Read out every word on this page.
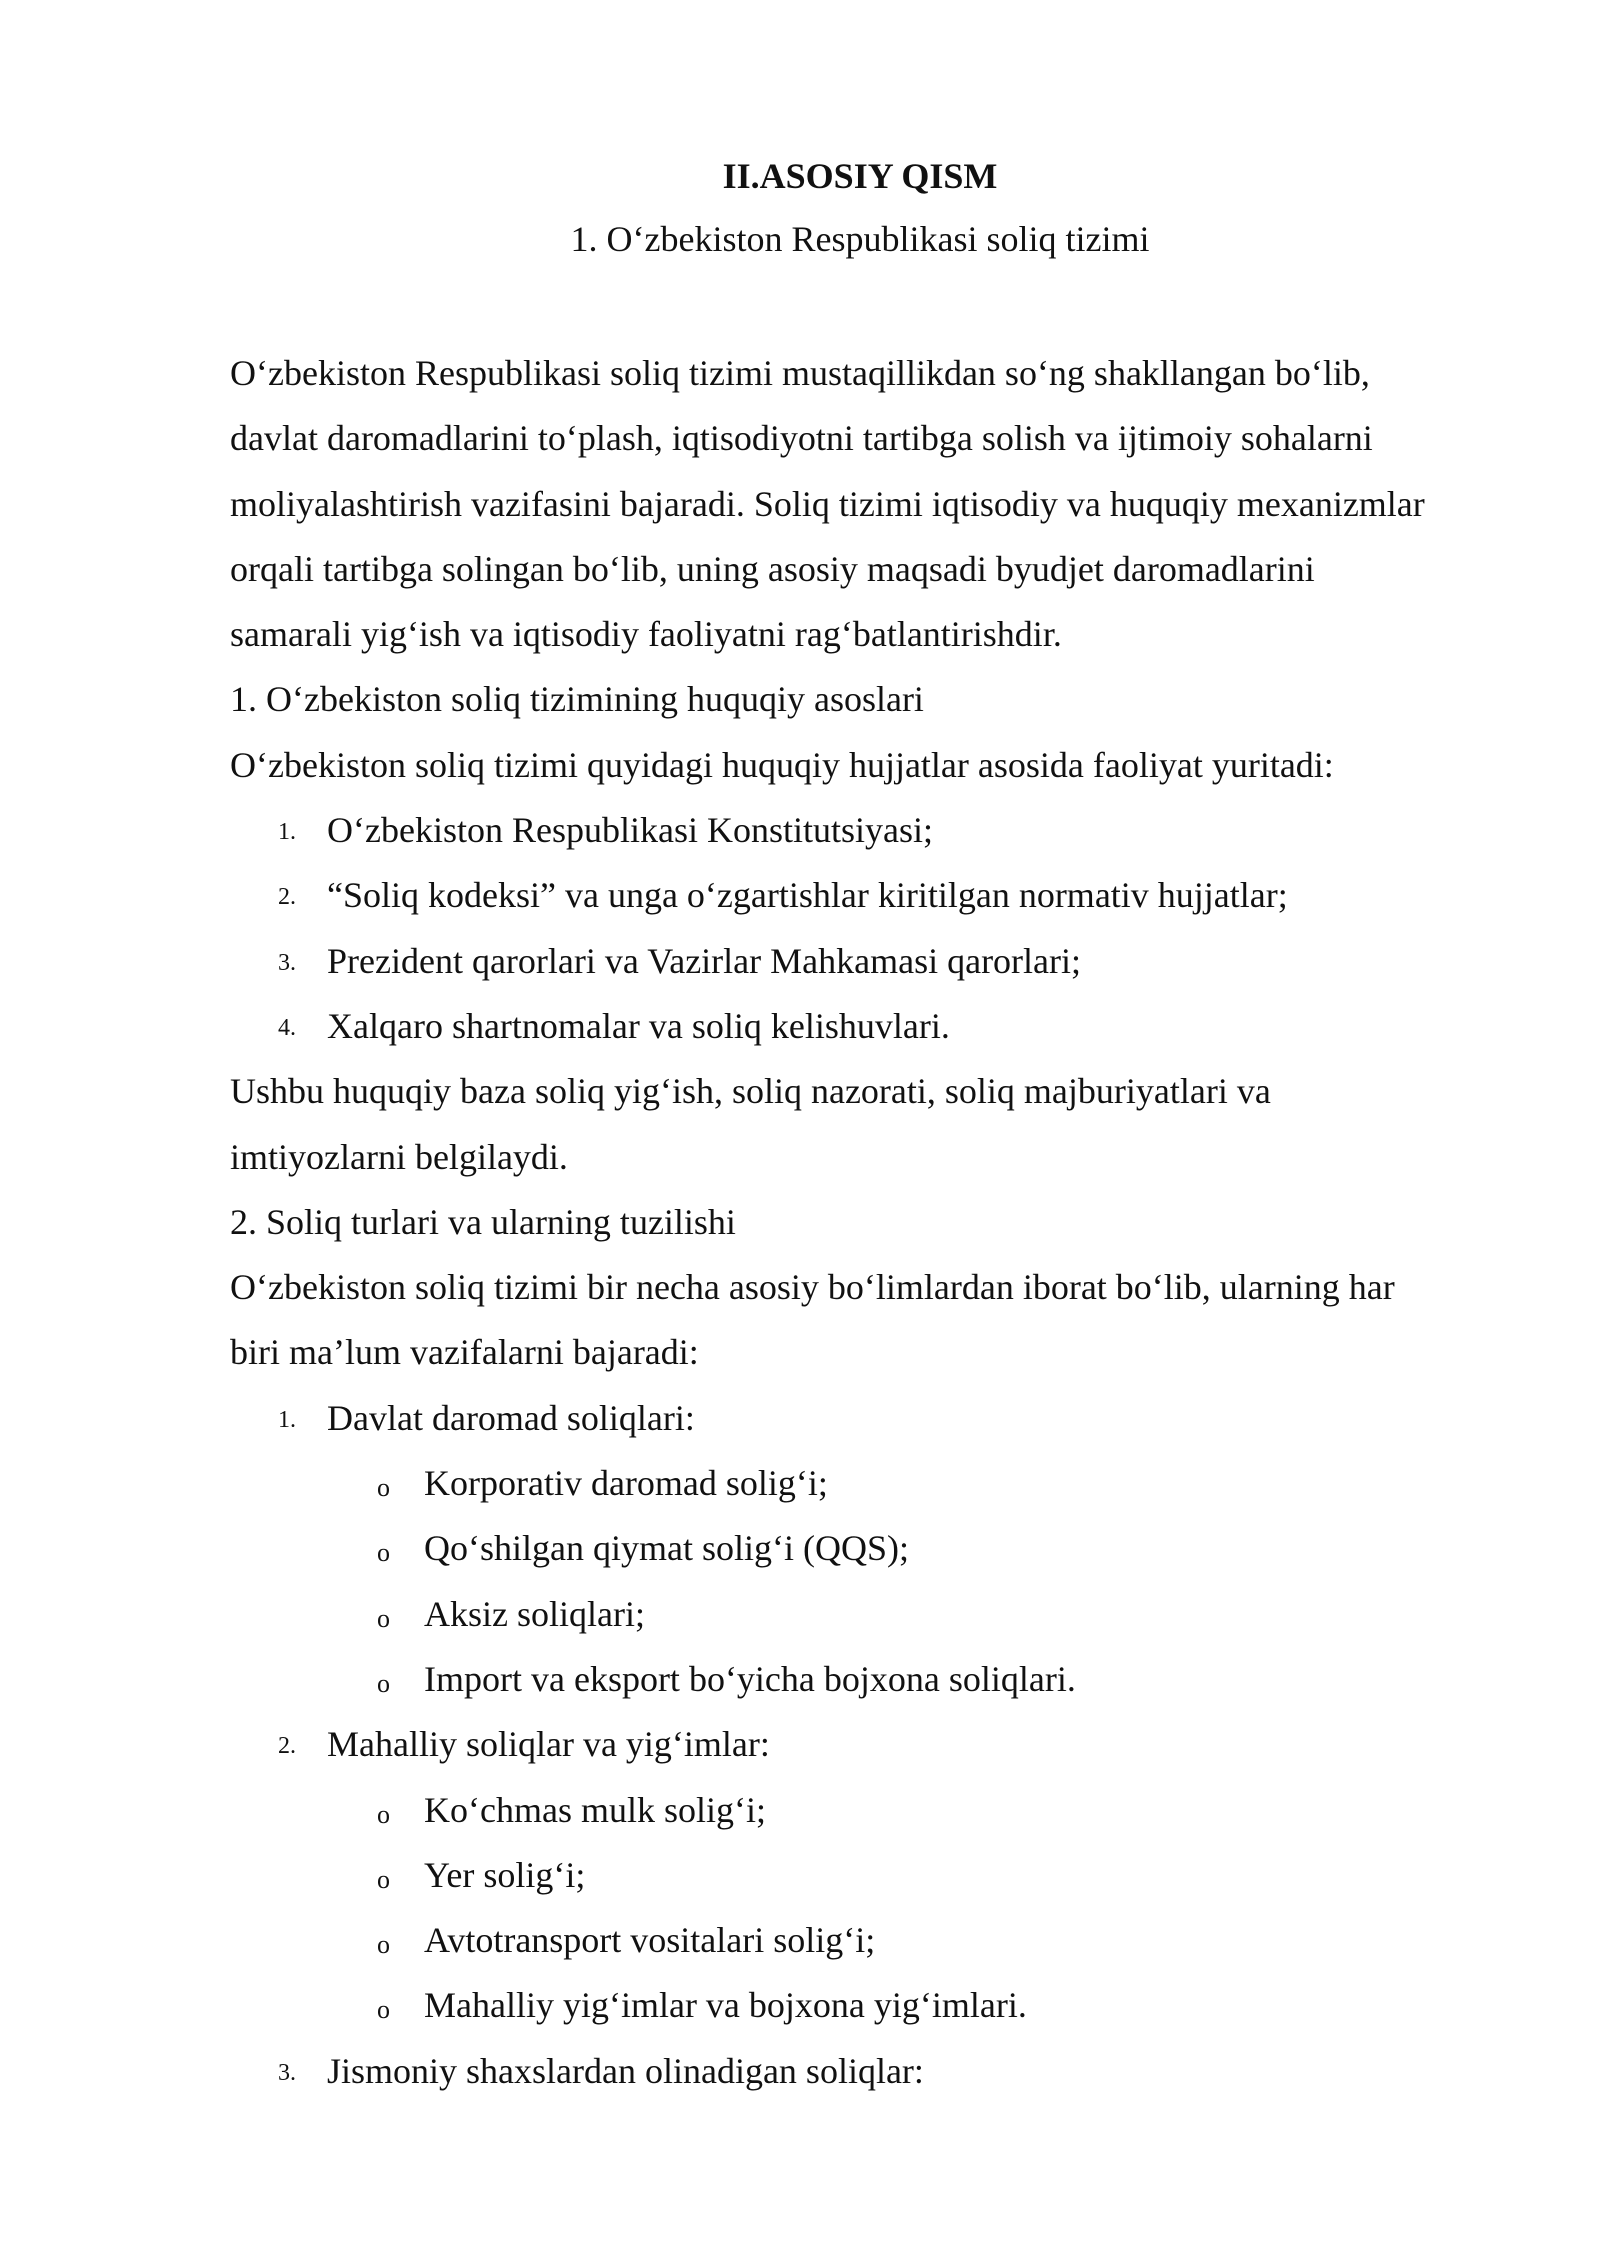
II.ASOSIY QISM
1. O‘zbekiston Respublikasi soliq tizimi
O‘zbekiston Respublikasi soliq tizimi mustaqillikdan so‘ng shakllangan bo‘lib,
davlat daromadlarini to‘plash, iqtisodiyotni tartibga solish va ijtimoiy sohalarni
moliyalashtirish vazifasini bajaradi. Soliq tizimi iqtisodiy va huquqiy mexanizmlar
orqali tartibga solingan bo‘lib, uning asosiy maqsadi byudjet daromadlarini
samarali yig‘ish va iqtisodiy faoliyatni rag‘batlantirishdir.
1. O‘zbekiston soliq tizimining huquqiy asoslari
O‘zbekiston soliq tizimi quyidagi huquqiy hujjatlar asosida faoliyat yuritadi:
1. O‘zbekiston Respublikasi Konstitutsiyasi;
2. “Soliq kodeksi” va unga o‘zgartishlar kiritilgan normativ hujjatlar;
3. Prezident qarorlari va Vazirlar Mahkamasi qarorlari;
4. Xalqaro shartnomalar va soliq kelishuvlari.
Ushbu huquqiy baza soliq yig‘ish, soliq nazorati, soliq majburiyatlari va
imtiyozlarni belgilaydi.
2. Soliq turlari va ularning tuzilishi
O‘zbekiston soliq tizimi bir necha asosiy bo‘limlardan iborat bo‘lib, ularning har
biri ma’lum vazifalarni bajaradi:
1. Davlat daromad soliqlari:
o Korporativ daromad solig‘i;
o Qo‘shilgan qiymat solig‘i (QQS);
o Aksiz soliqlari;
o Import va eksport bo‘yicha bojxona soliqlari.
2. Mahalliy soliqlar va yig‘imlar:
o Ko‘chmas mulk solig‘i;
o Yer solig‘i;
o Avtotransport vositalari solig‘i;
o Mahalliy yig‘imlar va bojxona yig‘imlari.
3. Jismoniy shaxslardan olinadigan soliqlar:
